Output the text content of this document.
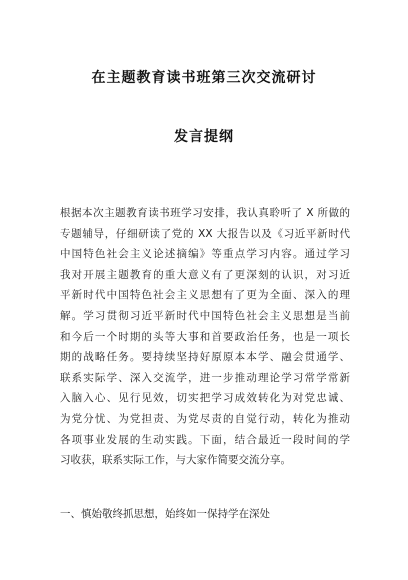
在主题教育读书班第三次交流研讨
发言提纲
根据本次主题教育读书班学习安排，我认真聆听了 X 所做的
专题辅导，仔细研读了党的 XX 大报告以及《习近平新时代
中国特色社会主义论述摘编》等重点学习内容。通过学习
我对开展主题教育的重大意义有了更深刻的认识，对习近
平新时代中国特色社会主义思想有了更为全面、深入的理
解。学习贯彻习近平新时代中国特色社会主义思想是当前
和今后一个时期的头等大事和首要政治任务，也是一项长
期的战略任务。要持续坚持好原原本本学、融会贯通学、
联系实际学、深入交流学，进一步推动理论学习常学常新
入脑入心、见行见效，切实把学习成效转化为对党忠诚、
为党分忧、为党担责、为党尽责的自觉行动，转化为推动
各项事业发展的生动实践。下面，结合最近一段时间的学
习收获，联系实际工作，与大家作简要交流分享。

一、慎始敬终抓思想，始终如一保持学在深处
